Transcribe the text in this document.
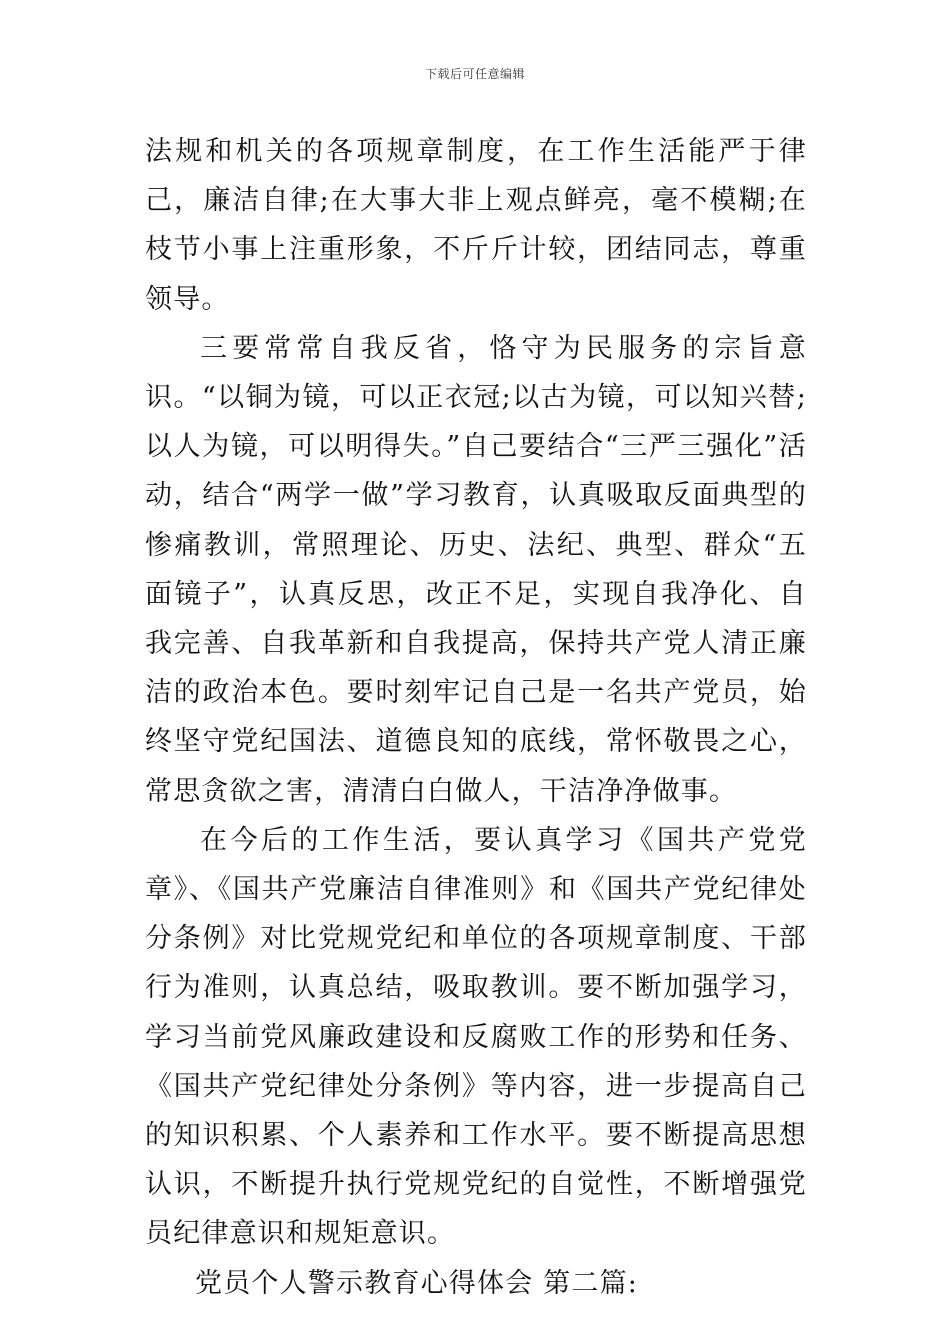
下载后可任意编辑

法规和机关的各项规章制度，在工作生活能严于律己，廉洁自律;在大事大非上观点鲜亮，毫不模糊;在枝节小事上注重形象，不斤斤计较，团结同志，尊重领导。

三要常常自我反省，恪守为民服务的宗旨意识。“以铜为镜，可以正衣冠;以古为镜，可以知兴替;以人为镜，可以明得失。”自己要结合“三严三强化”活动，结合“两学一做”学习教育，认真吸取反面典型的惨痛教训，常照理论、历史、法纪、典型、群众“五面镜子”，认真反思，改正不足，实现自我净化、自我完善、自我革新和自我提高，保持共产党人清正廉洁的政治本色。要时刻牢记自己是一名共产党员，始终坚守党纪国法、道德良知的底线，常怀敬畏之心，常思贪欲之害，清清白白做人，干洁净净做事。

在今后的工作生活，要认真学习《国共产党党章》、《国共产党廉洁自律准则》和《国共产党纪律处分条例》对比党规党纪和单位的各项规章制度、干部行为准则，认真总结，吸取教训。要不断加强学习，学习当前党风廉政建设和反腐败工作的形势和任务、《国共产党纪律处分条例》等内容，进一步提高自己的知识积累、个人素养和工作水平。要不断提高思想认识，不断提升执行党规党纪的自觉性，不断增强党员纪律意识和规矩意识。

党员个人警示教育心得体会 第二篇:
